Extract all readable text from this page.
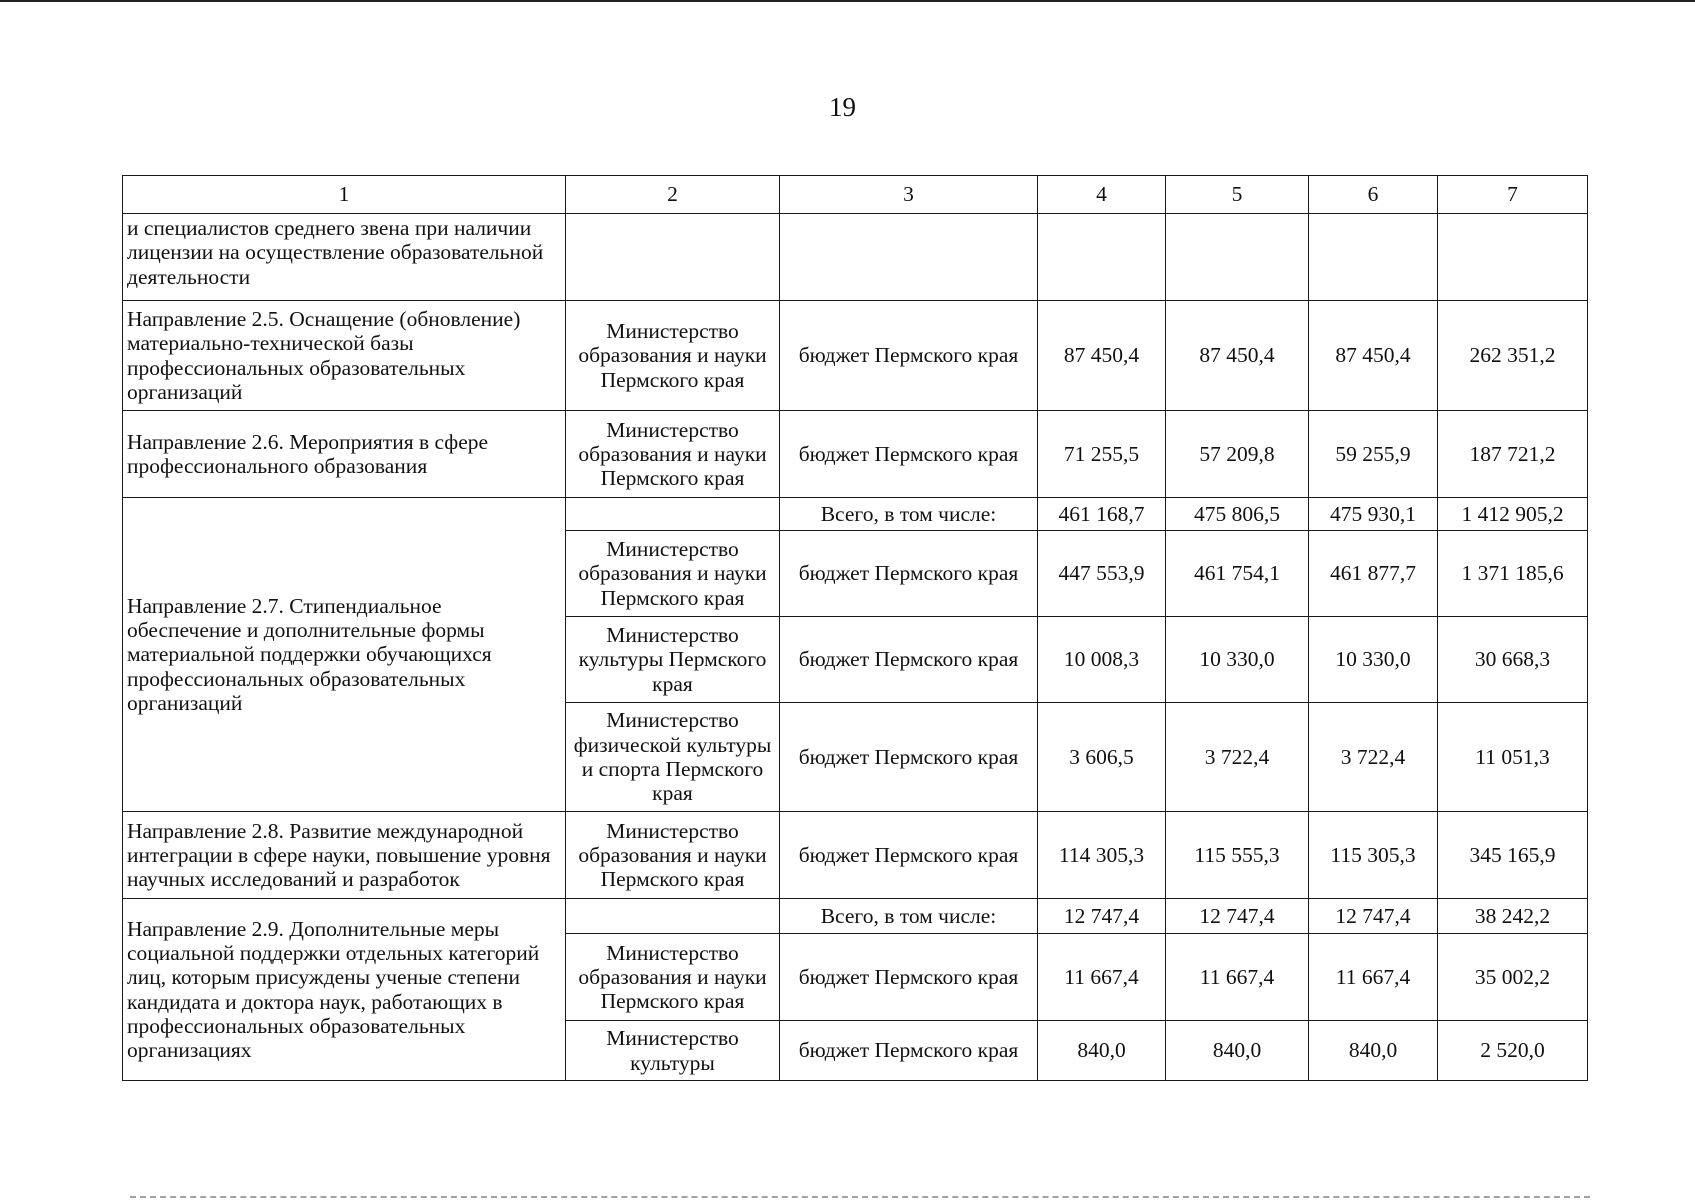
19
1	2	3	4	5	6	7
и специалистов среднего звена при наличии лицензии на осуществление образовательной деятельности						
Направление 2.5. Оснащение (обновление) материально-технической базы профессиональных образовательных организаций	Министерство образования и науки Пермского края	бюджет Пермского края	87 450,4	87 450,4	87 450,4	262 351,2
Направление 2.6. Мероприятия в сфере профессионального образования	Министерство образования и науки Пермского края	бюджет Пермского края	71 255,5	57 209,8	59 255,9	187 721,2
Направление 2.7. Стипендиальное обеспечение и дополнительные формы материальной поддержки обучающихся профессиональных образовательных организаций		Всего, в том числе:	461 168,7	475 806,5	475 930,1	1 412 905,2
	Министерство образования и науки Пермского края	бюджет Пермского края	447 553,9	461 754,1	461 877,7	1 371 185,6
	Министерство культуры Пермского края	бюджет Пермского края	10 008,3	10 330,0	10 330,0	30 668,3
	Министерство физической культуры и спорта Пермского края	бюджет Пермского края	3 606,5	3 722,4	3 722,4	11 051,3
Направление 2.8. Развитие международной интеграции в сфере науки, повышение уровня научных исследований и разработок	Министерство образования и науки Пермского края	бюджет Пермского края	114 305,3	115 555,3	115 305,3	345 165,9
Направление 2.9. Дополнительные меры социальной поддержки отдельных категорий лиц, которым присуждены ученые степени кандидата и доктора наук, работающих в профессиональных образовательных организациях		Всего, в том числе:	12 747,4	12 747,4	12 747,4	38 242,2
	Министерство образования и науки Пермского края	бюджет Пермского края	11 667,4	11 667,4	11 667,4	35 002,2
	Министерство культуры	бюджет Пермского края	840,0	840,0	840,0	2 520,0
